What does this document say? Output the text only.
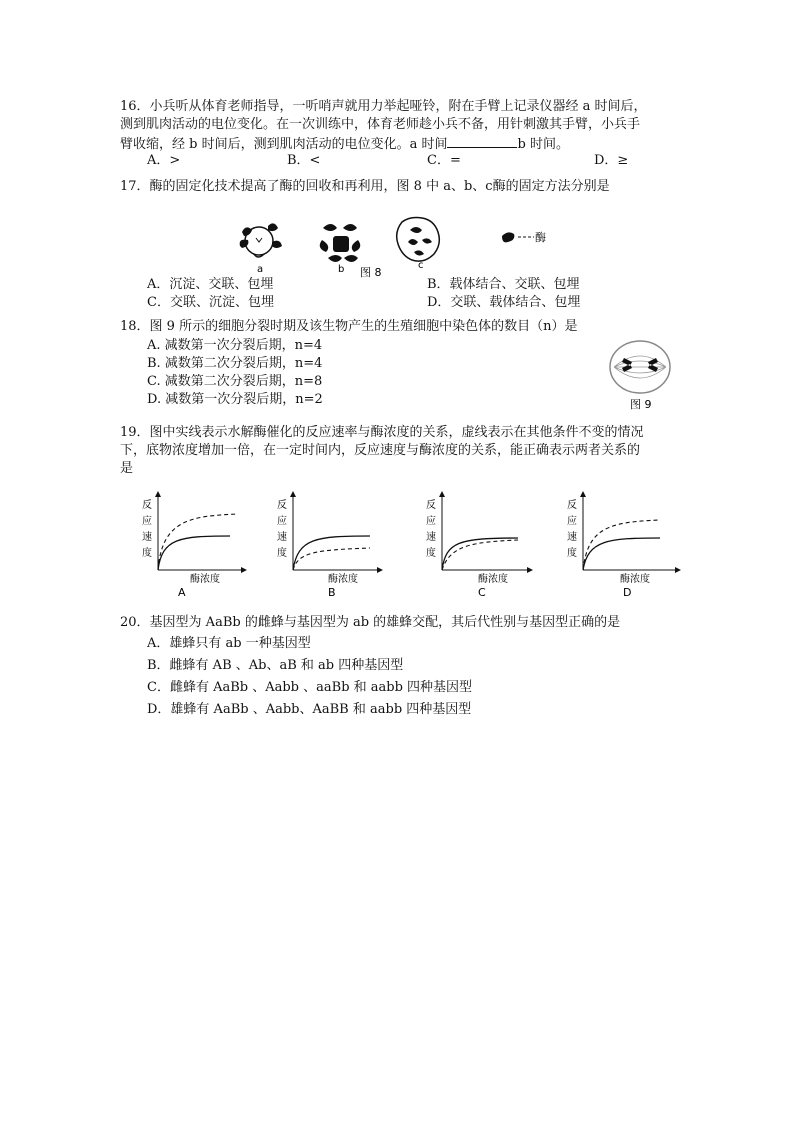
16．小兵听从体育老师指导，一听哨声就用力举起哑铃，附在手臂上记录仪器经 a 时间后，
测到肌肉活动的电位变化。在一次训练中，体育老师趁小兵不备，用针刺激其手臂，小兵手
臂收缩，经 b 时间后，测到肌肉活动的电位变化。a 时间	b 时间。
A．>	B．<	C．=	D．≥
17．酶的固定化技术提高了酶的回收和再利用，图 8 中 a、b、c酶的固定方法分别是
a	b	c
图 8
酶
A．沉淀、交联、包埋	B．载体结合、交联、包埋
C．交联、沉淀、包埋	D．交联、载体结合、包埋
18．图 9 所示的细胞分裂时期及该生物产生的生殖细胞中染色体的数目（n）是
A. 减数第一次分裂后期，n=4
B. 减数第二次分裂后期，n=4
C. 减数第二次分裂后期，n=8
D. 减数第一次分裂后期，n=2	图 9
19．图中实线表示水解酶催化的反应速率与酶浓度的关系，虚线表示在其他条件不变的情况
下，底物浓度增加一倍，在一定时间内，反应速度与酶浓度的关系，能正确表示两者关系的
是
反
应
速
度
酶浓度
A
反
应
速
度
酶浓度
B
反
应
速
度
酶浓度
C
反
应
速
度
酶浓度
D
20．基因型为 AaBb 的雌蜂与基因型为 ab 的雄蜂交配，其后代性别与基因型正确的是
A．雄蜂只有 ab 一种基因型
B．雌蜂有 AB 、Ab、aB 和 ab 四种基因型
C．雌蜂有 AaBb 、Aabb 、aaBb 和 aabb 四种基因型
D．雄蜂有 AaBb 、Aabb、AaBB 和 aabb 四种基因型
